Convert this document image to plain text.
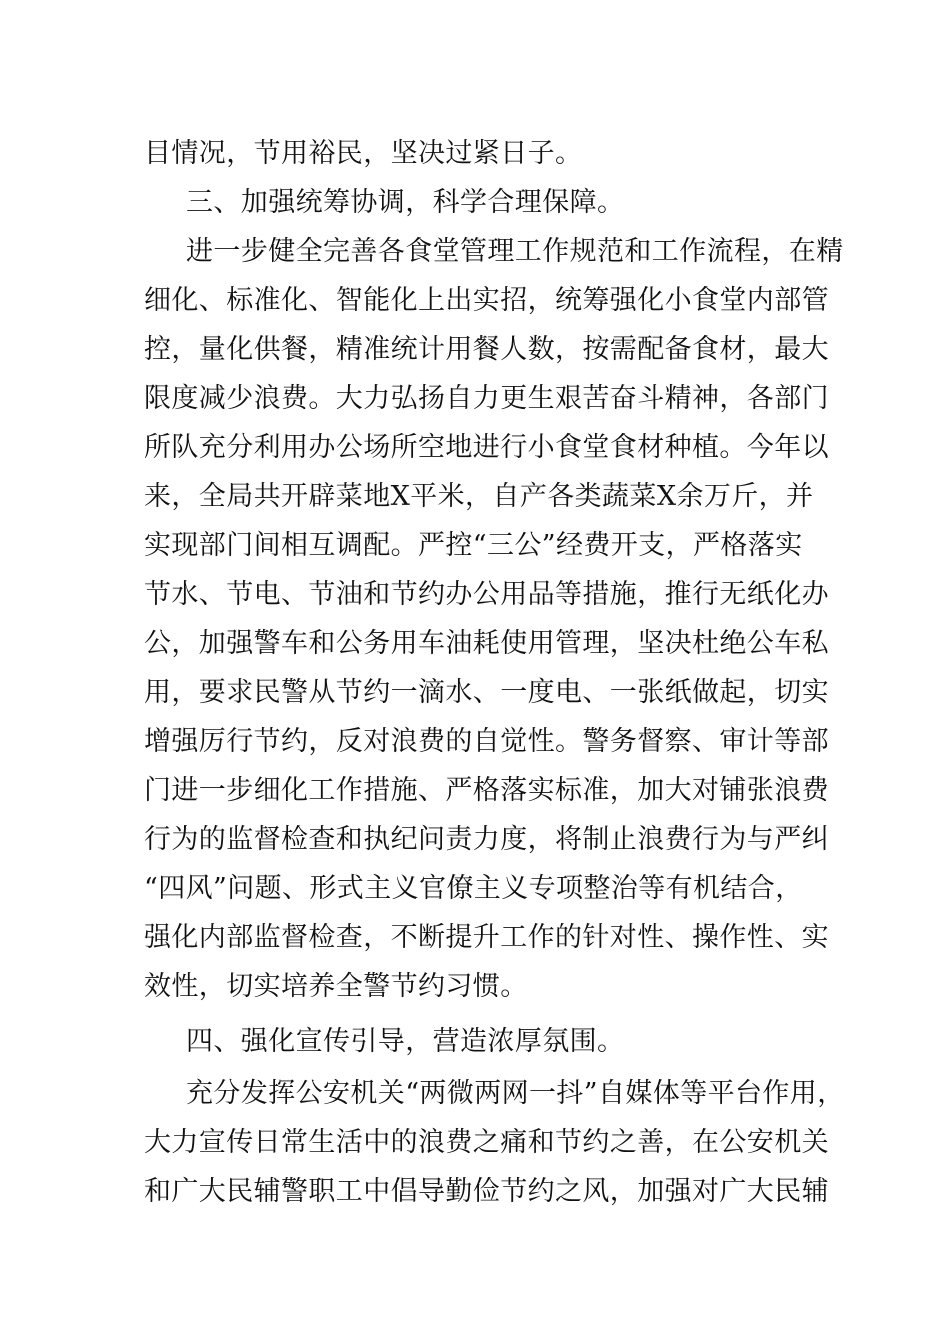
目情况，节用裕民，坚决过紧日子。
三、加强统筹协调，科学合理保障。
进一步健全完善各食堂管理工作规范和工作流程，在精
细化、标准化、智能化上出实招，统筹强化小食堂内部管
控，量化供餐，精准统计用餐人数，按需配备食材，最大
限度减少浪费。大力弘扬自力更生艰苦奋斗精神，各部门
所队充分利用办公场所空地进行小食堂食材种植。今年以
来，全局共开辟菜地X平米，自产各类蔬菜X余万斤，并
实现部门间相互调配。严控“三公”经费开支，严格落实
节水、节电、节油和节约办公用品等措施，推行无纸化办
公，加强警车和公务用车油耗使用管理，坚决杜绝公车私
用，要求民警从节约一滴水、一度电、一张纸做起，切实
增强厉行节约，反对浪费的自觉性。警务督察、审计等部
门进一步细化工作措施、严格落实标准，加大对铺张浪费
行为的监督检查和执纪问责力度，将制止浪费行为与严纠
“四风”问题、形式主义官僚主义专项整治等有机结合，
强化内部监督检查，不断提升工作的针对性、操作性、实
效性，切实培养全警节约习惯。
四、强化宣传引导，营造浓厚氛围。
充分发挥公安机关“两微两网一抖”自媒体等平台作用，
大力宣传日常生活中的浪费之痛和节约之善，在公安机关
和广大民辅警职工中倡导勤俭节约之风，加强对广大民辅
